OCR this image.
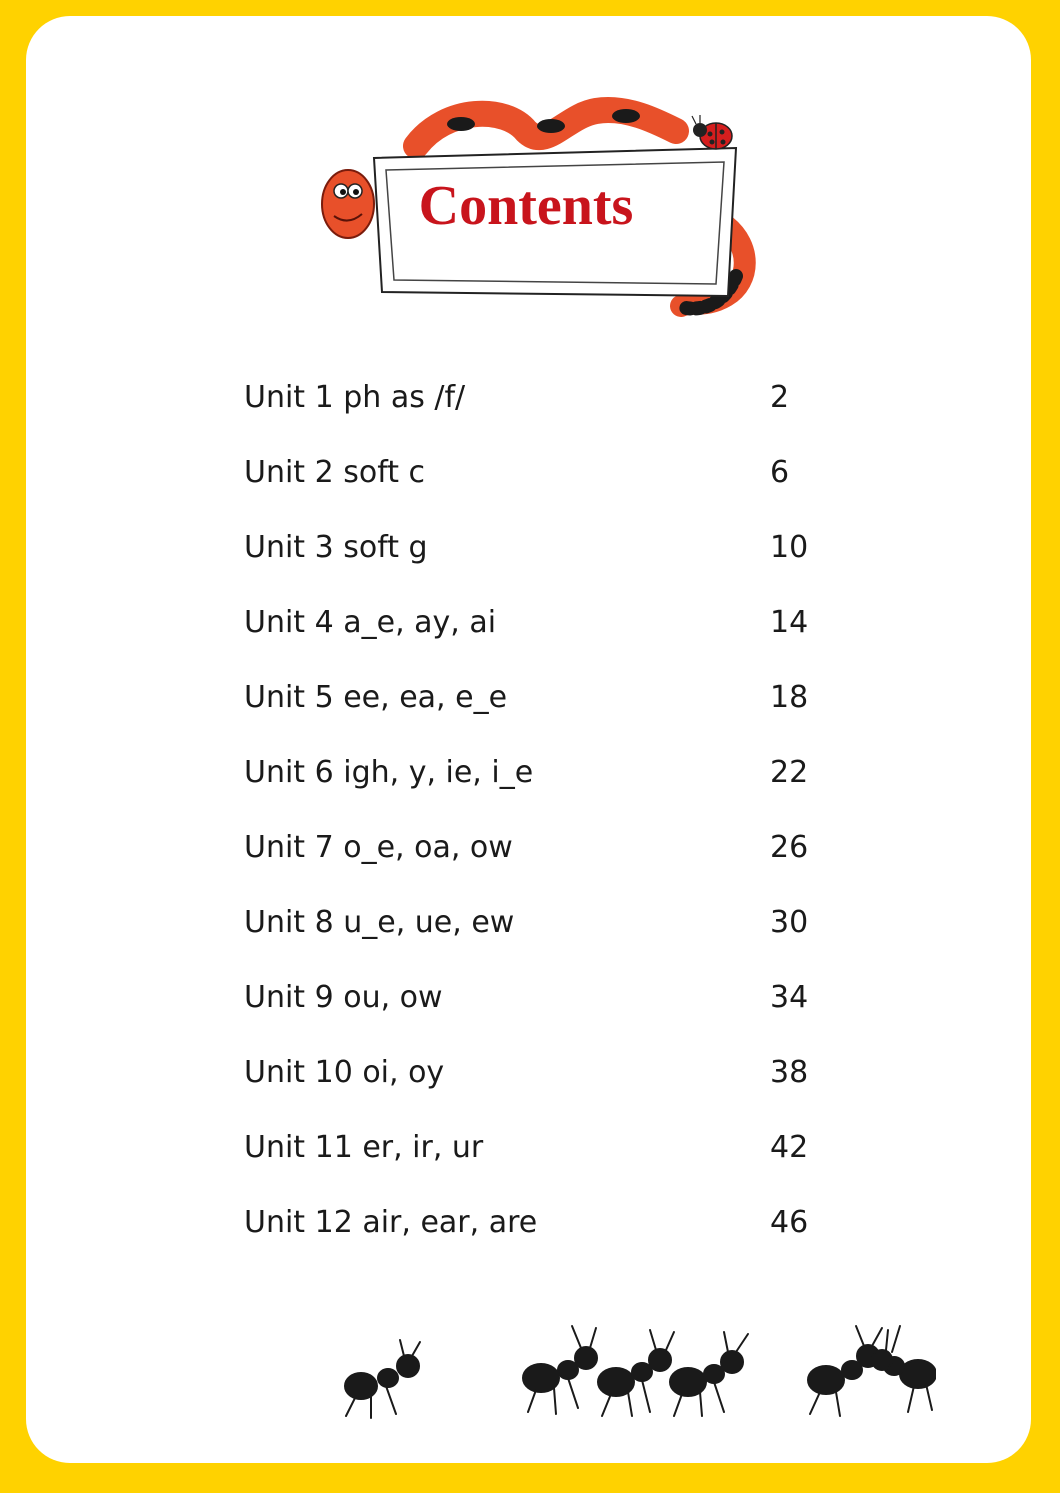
Contents
Unit 1 ph as /f/	2
Unit 2 soft c	6
Unit 3 soft g	10
Unit 4 a_e, ay, ai	14
Unit 5 ee, ea, e_e	18
Unit 6 igh, y, ie, i_e	22
Unit 7 o_e, oa, ow	26
Unit 8 u_e, ue, ew	30
Unit 9 ou, ow	34
Unit 10 oi, oy	38
Unit 11 er, ir, ur	42
Unit 12 air, ear, are	46
